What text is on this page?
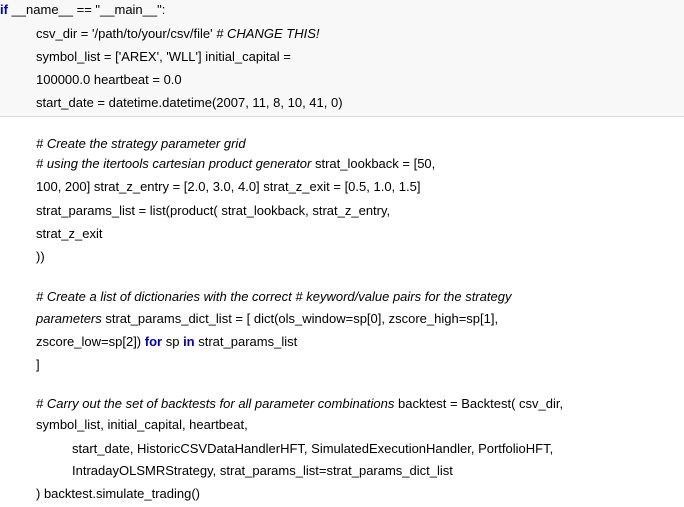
if __name__ == "__main__":
csv_dir = '/path/to/your/csv/file' # CHANGE THIS!
symbol_list = ['AREX', 'WLL'] initial_capital =
100000.0 heartbeat = 0.0
start_date = datetime.datetime(2007, 11, 8, 10, 41, 0)
# Create the strategy parameter grid
# using the itertools cartesian product generator strat_lookback = [50,
100, 200] strat_z_entry = [2.0, 3.0, 4.0] strat_z_exit = [0.5, 1.0, 1.5]
strat_params_list = list(product( strat_lookback, strat_z_entry,
strat_z_exit
))
# Create a list of dictionaries with the correct # keyword/value pairs for the strategy
parameters strat_params_dict_list = [ dict(ols_window=sp[0], zscore_high=sp[1],
zscore_low=sp[2]) for sp in strat_params_list
]
# Carry out the set of backtests for all parameter combinations backtest = Backtest( csv_dir,
symbol_list, initial_capital, heartbeat,
start_date, HistoricCSVDataHandlerHFT, SimulatedExecutionHandler, PortfolioHFT,
IntradayOLSMRStrategy, strat_params_list=strat_params_dict_list
) backtest.simulate_trading()
